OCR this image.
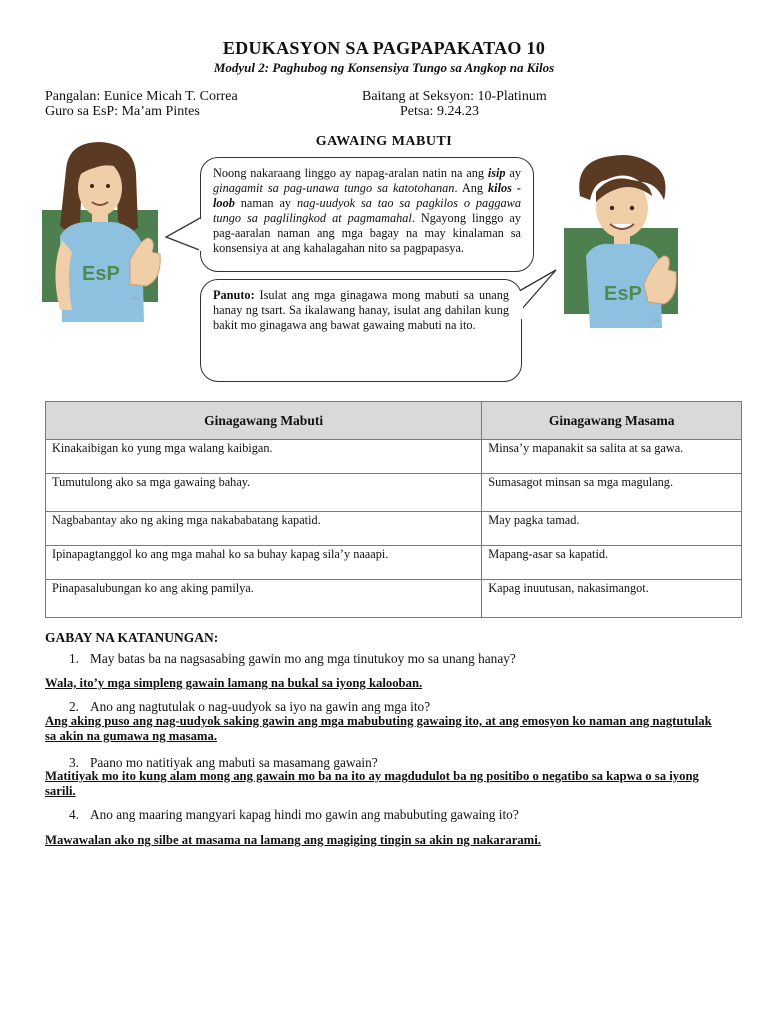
EDUKASYON SA PAGPAPAKATAO 10
Modyul 2: Paghubog ng Konsensiya Tungo sa Angkop na Kilos
Pangalan: Eunice Micah T. Correa	Baitang at Seksyon: 10-Platinum
Guro sa EsP: Ma’am Pintes	Petsa: 9.24.23
GAWAING MABUTI
EsP
cmt	EsP
cmt
Noong nakaraang linggo ay napag-aralan natin na ang isip ay ginagamit sa pag-unawa tungo sa katotohanan. Ang kilos - loob naman ay nag-uudyok sa tao sa pagkilos o paggawa tungo sa paglilingkod at pagmamahal. Ngayong linggo ay pag-aaralan naman ang mga bagay na may kinalaman sa konsensiya at ang kahalagahan nito sa pagpapasya.
Panuto: Isulat ang mga ginagawa mong mabuti sa unang hanay ng tsart. Sa ikalawang hanay, isulat ang dahilan kung bakit mo ginagawa ang bawat gawaing mabuti na ito.
Ginagawang Mabuti	Ginagawang Masama
Kinakaibigan ko yung mga walang kaibigan.	Minsa’y mapanakit sa salita at sa gawa.
Tumutulong ako sa mga gawaing bahay.	Sumasagot minsan sa mga magulang.
Nagbabantay ako ng aking mga nakababatang kapatid.	May pagka tamad.
Ipinapagtanggol ko ang mga mahal ko sa buhay kapag sila’y naaapi.	Mapang-asar sa kapatid.
Pinapasalubungan ko ang aking pamilya.	Kapag inuutusan, nakasimangot.
GABAY NA KATANUNGAN:
1. May batas ba na nagsasabing gawin mo ang mga tinutukoy mo sa unang hanay?
Wala, ito’y mga simpleng gawain lamang na bukal sa iyong kalooban.
2. Ano ang nagtutulak o nag-uudyok sa iyo na gawin ang mga ito?
Ang aking puso ang nag-uudyok saking gawin ang mga mabubuting gawaing ito, at ang emosyon ko naman ang nagtutulak sa akin na gumawa ng masama.
3. Paano mo natitiyak ang mabuti sa masamang gawain?
Matitiyak mo ito kung alam mong ang gawain mo ba na ito ay magdudulot ba ng positibo o negatibo sa kapwa o sa iyong sarili.
4. Ano ang maaring mangyari kapag hindi mo gawin ang mabubuting gawaing ito?
Mawawalan ako ng silbe at masama na lamang ang magiging tingin sa akin ng nakararami.
